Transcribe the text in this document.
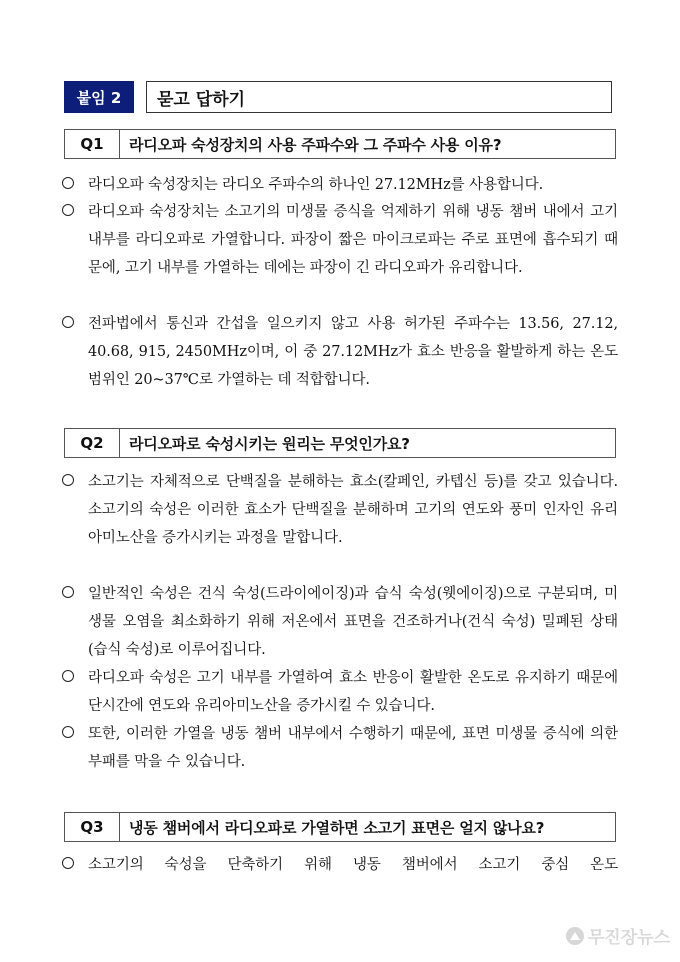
붙임 2	묻고 답하기
Q1	라디오파 숙성장치의 사용 주파수와 그 주파수 사용 이유?
라디오파 숙성장치는 라디오 주파수의 하나인 27.12MHz를 사용합니다.
라디오파 숙성장치는 소고기의 미생물 증식을 억제하기 위해 냉동 챔버 내에서 고기 내부를 라디오파로 가열합니다. 파장이 짧은 마이크로파는 주로 표면에 흡수되기 때문에, 고기 내부를 가열하는 데에는 파장이 긴 라디오파가 유리합니다.
전파법에서 통신과 간섭을 일으키지 않고 사용 허가된 주파수는 13.56, 27.12, 40.68, 915, 2450MHz이며, 이 중 27.12MHz가 효소 반응을 활발하게 하는 온도 범위인 20~37℃로 가열하는 데 적합합니다.
Q2	라디오파로 숙성시키는 원리는 무엇인가요?
소고기는 자체적으로 단백질을 분해하는 효소(칼페인, 카텝신 등)를 갖고 있습니다. 소고기의 숙성은 이러한 효소가 단백질을 분해하며 고기의 연도와 풍미 인자인 유리아미노산을 증가시키는 과정을 말합니다.
일반적인 숙성은 건식 숙성(드라이에이징)과 습식 숙성(웻에이징)으로 구분되며, 미생물 오염을 최소화하기 위해 저온에서 표면을 건조하거나(건식 숙성) 밀폐된 상태(습식 숙성)로 이루어집니다.
라디오파 숙성은 고기 내부를 가열하여 효소 반응이 활발한 온도로 유지하기 때문에 단시간에 연도와 유리아미노산을 증가시킬 수 있습니다.
또한, 이러한 가열을 냉동 챔버 내부에서 수행하기 때문에, 표면 미생물 증식에 의한 부패를 막을 수 있습니다.
Q3	냉동 챔버에서 라디오파로 가열하면 소고기 표면은 얼지 않나요?
소고기의 숙성을 단축하기 위해 냉동 챔버에서 소고기 중심 온도
무진장뉴스
